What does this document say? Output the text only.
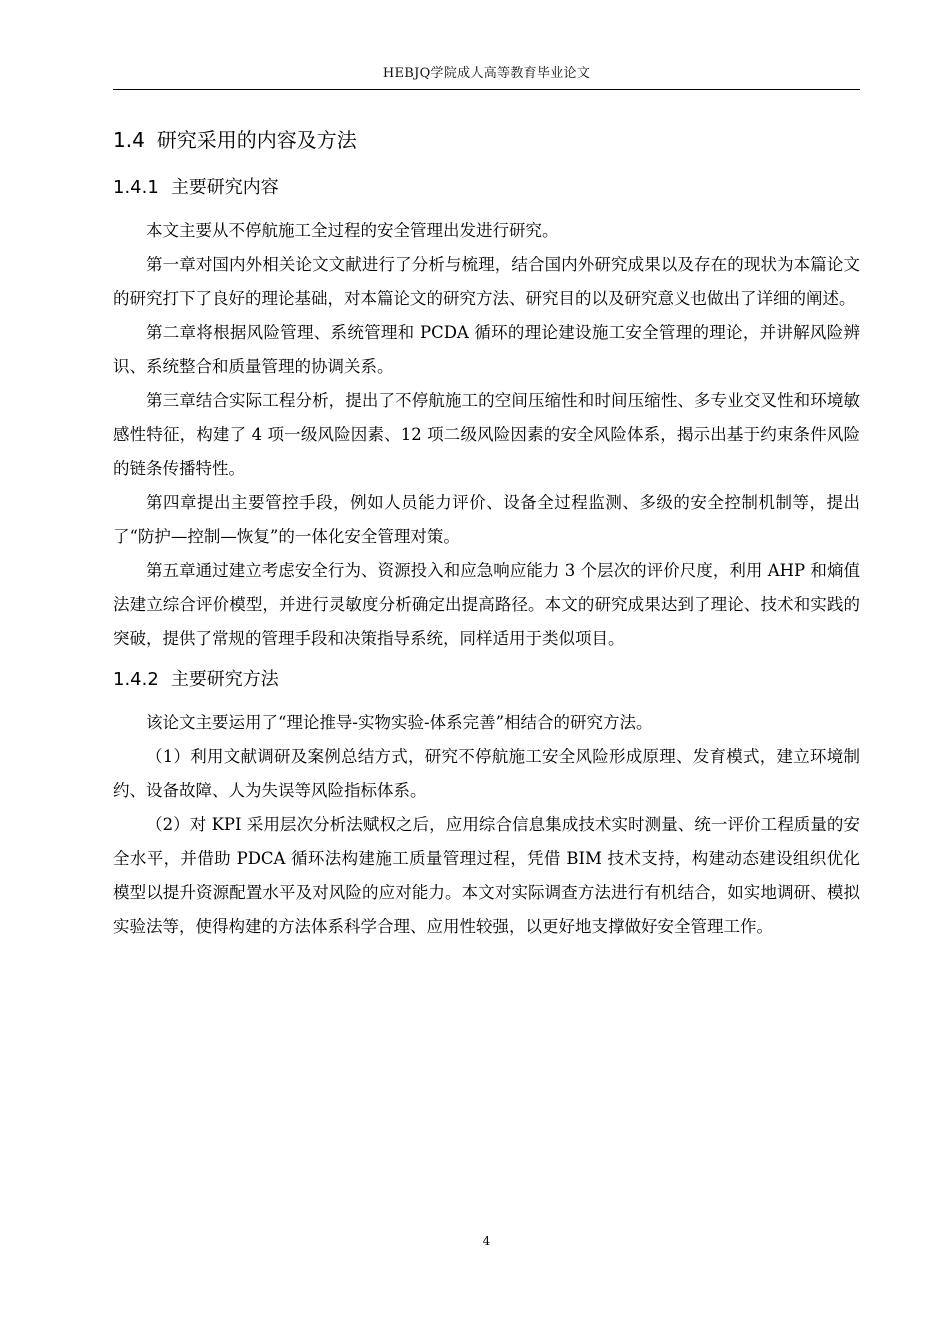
HEBJQ学院成人高等教育毕业论文
1.4 研究采用的内容及方法
1.4.1 主要研究内容

本文主要从不停航施工全过程的安全管理出发进行研究。

第一章对国内外相关论文文献进行了分析与梳理，结合国内外研究成果以及存在的现状为本篇论文的研究打下了良好的理论基础，对本篇论文的研究方法、研究目的以及研究意义也做出了详细的阐述。

第二章将根据风险管理、系统管理和 PCDA 循环的理论建设施工安全管理的理论，并讲解风险辨识、系统整合和质量管理的协调关系。

第三章结合实际工程分析，提出了不停航施工的空间压缩性和时间压缩性、多专业交叉性和环境敏感性特征，构建了 4 项一级风险因素、12 项二级风险因素的安全风险体系，揭示出基于约束条件风险的链条传播特性。

第四章提出主要管控手段，例如人员能力评价、设备全过程监测、多级的安全控制机制等，提出了“防护—控制—恢复”的一体化安全管理对策。

第五章通过建立考虑安全行为、资源投入和应急响应能力 3 个层次的评价尺度，利用 AHP 和熵值法建立综合评价模型，并进行灵敏度分析确定出提高路径。本文的研究成果达到了理论、技术和实践的突破，提供了常规的管理手段和决策指导系统，同样适用于类似项目。

1.4.2 主要研究方法

该论文主要运用了“理论推导-实物实验-体系完善”相结合的研究方法。

（1）利用文献调研及案例总结方式，研究不停航施工安全风险形成原理、发育模式，建立环境制约、设备故障、人为失误等风险指标体系。

（2）对 KPI 采用层次分析法赋权之后，应用综合信息集成技术实时测量、统一评价工程质量的安全水平，并借助 PDCA 循环法构建施工质量管理过程，凭借 BIM 技术支持，构建动态建设组织优化模型以提升资源配置水平及对风险的应对能力。本文对实际调查方法进行有机结合，如实地调研、模拟实验法等，使得构建的方法体系科学合理、应用性较强，以更好地支撑做好安全管理工作。

4
